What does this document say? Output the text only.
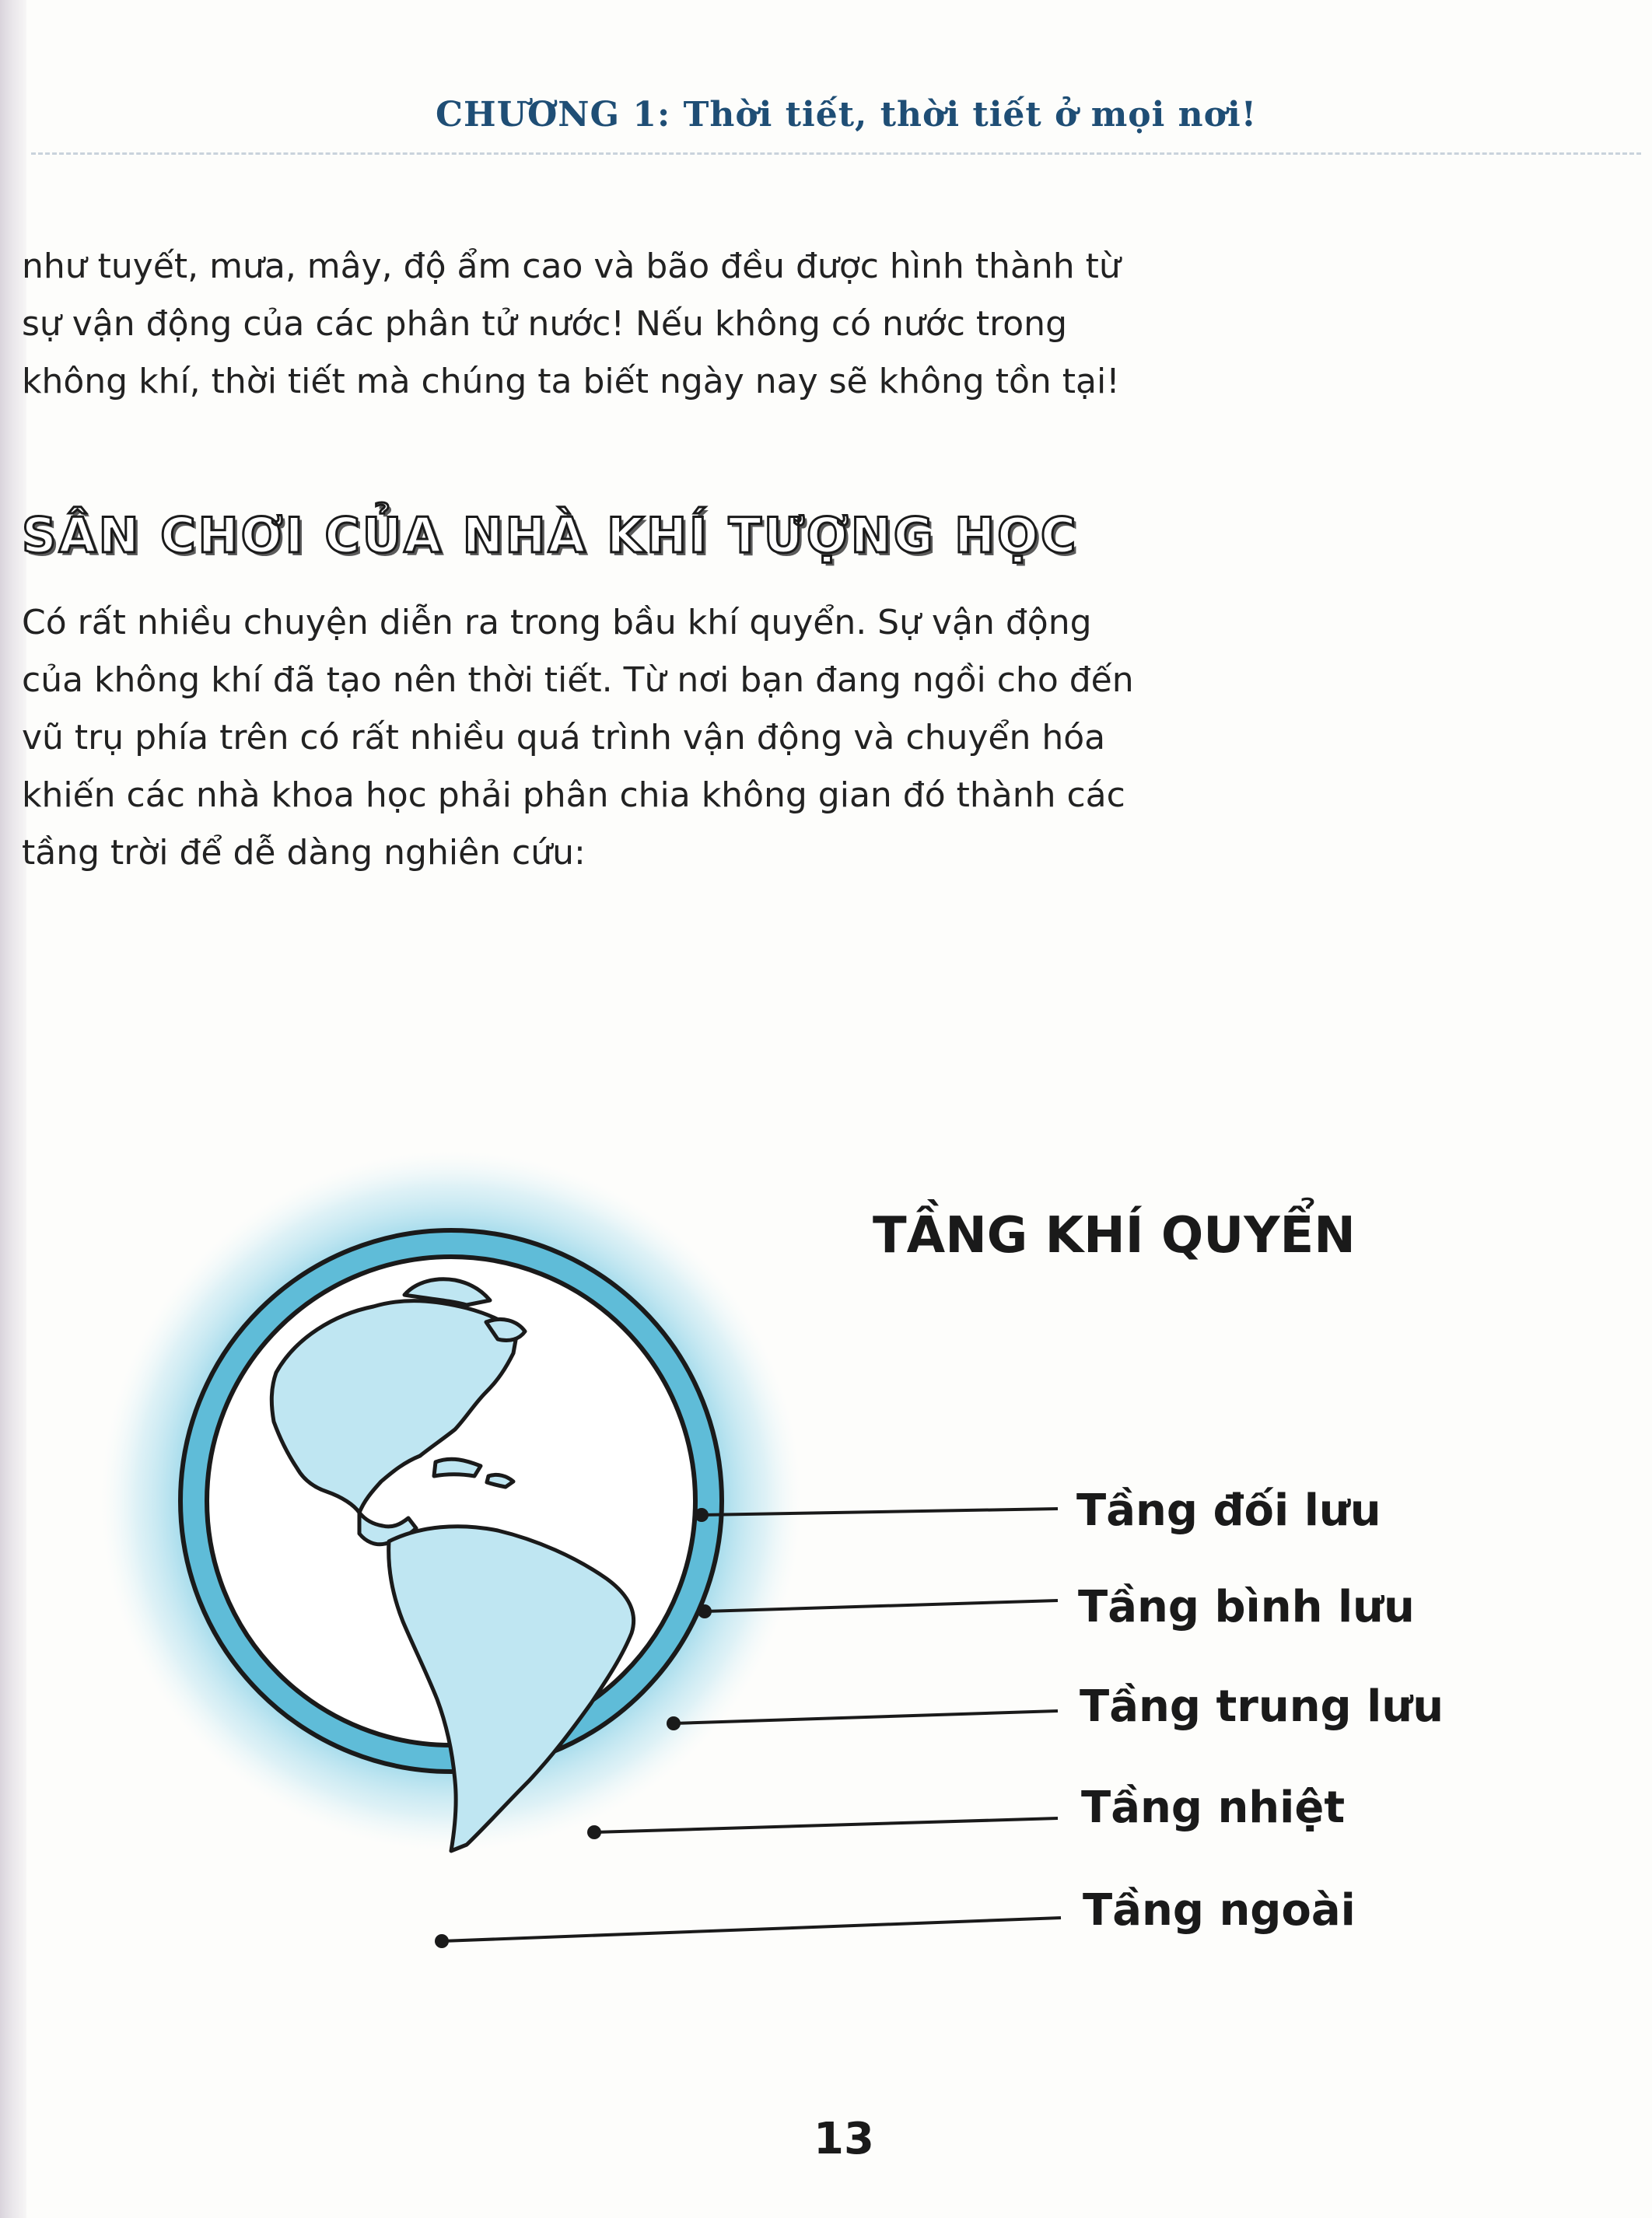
CHƯƠNG 1: Thời tiết, thời tiết ở mọi nơi!

như tuyết, mưa, mây, độ ẩm cao và bão đều được hình thành từ sự vận động của các phân tử nước! Nếu không có nước trong không khí, thời tiết mà chúng ta biết ngày nay sẽ không tồn tại!

SÂN CHƠI CỦA NHÀ KHÍ TƯỢNG HỌC

Có rất nhiều chuyện diễn ra trong bầu khí quyển. Sự vận động của không khí đã tạo nên thời tiết. Từ nơi bạn đang ngồi cho đến vũ trụ phía trên có rất nhiều quá trình vận động và chuyển hóa khiến các nhà khoa học phải phân chia không gian đó thành các tầng trời để dễ dàng nghiên cứu:

TẦNG KHÍ QUYỂN
Tầng đối lưu
Tầng bình lưu
Tầng trung lưu
Tầng nhiệt
Tầng ngoài
13
